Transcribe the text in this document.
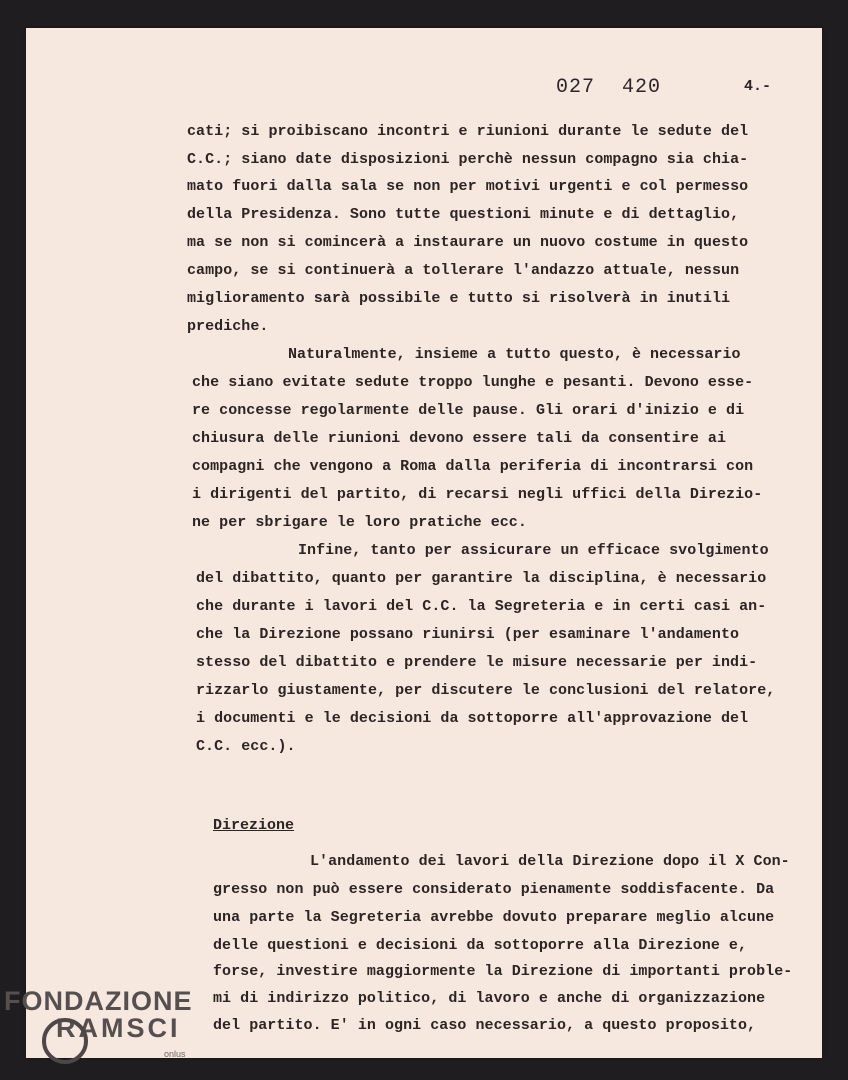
027 420	4.-
cati; si proibiscano incontri e riunioni durante le sedute del
C.C.; siano date disposizioni perchè nessun compagno sia chia-
mato fuori dalla sala se non per motivi urgenti e col permesso
della Presidenza. Sono tutte questioni minute e di dettaglio,
ma se non si comincerà a instaurare un nuovo costume in questo
campo, se si continuerà a tollerare l'andazzo attuale, nessun
miglioramento sarà possibile e tutto si risolverà in inutili
prediche.
Naturalmente, insieme a tutto questo, è necessario
che siano evitate sedute troppo lunghe e pesanti. Devono esse-
re concesse regolarmente delle pause. Gli orari d'inizio e di
chiusura delle riunioni devono essere tali da consentire ai
compagni che vengono a Roma dalla periferia di incontrarsi con
i dirigenti del partito, di recarsi negli uffici della Direzio-
ne per sbrigare le loro pratiche ecc.
Infine, tanto per assicurare un efficace svolgimento
del dibattito, quanto per garantire la disciplina, è necessario
che durante i lavori del C.C. la Segreteria e in certi casi an-
che la Direzione possano riunirsi (per esaminare l'andamento
stesso del dibattito e prendere le misure necessarie per indi-
rizzarlo giustamente, per discutere le conclusioni del relatore,
i documenti e le decisioni da sottoporre all'approvazione del
C.C. ecc.).
Direzione
L'andamento dei lavori della Direzione dopo il X Con-
gresso non può essere considerato pienamente soddisfacente. Da
una parte la Segreteria avrebbe dovuto preparare meglio alcune
delle questioni e decisioni da sottoporre alla Direzione e,
forse, investire maggiormente la Direzione di importanti proble-
mi di indirizzo politico, di lavoro e anche di organizzazione
del partito. E' in ogni caso necessario, a questo proposito,
FONDAZIONE
RAMSCI
onlus
